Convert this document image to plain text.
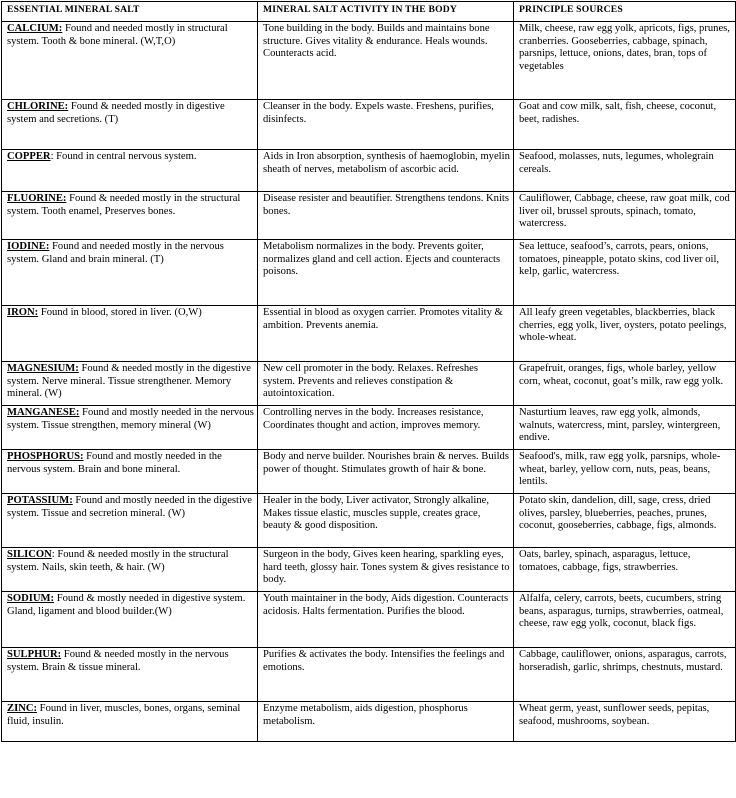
ESSENTIAL MINERAL SALT	MINERAL SALT ACTIVITY IN THE BODY	PRINCIPLE SOURCES
CALCIUM: Found and needed mostly in structural system. Tooth & bone mineral. (W,T,O)	Tone building in the body. Builds and maintains bone structure. Gives vitality & endurance. Heals wounds. Counteracts acid.	Milk, cheese, raw egg yolk, apricots, figs, prunes, cranberries. Gooseberries, cabbage, spinach, parsnips, lettuce, onions, dates, bran, tops of vegetables
CHLORINE: Found & needed mostly in digestive system and secretions. (T)	Cleanser in the body. Expels waste. Freshens, purifies, disinfects.	Goat and cow milk, salt, fish, cheese, coconut, beet, radishes.
COPPER: Found in central nervous system.	Aids in Iron absorption, synthesis of haemoglobin, myelin sheath of nerves, metabolism of ascorbic acid.	Seafood, molasses, nuts, legumes, wholegrain cereals.
FLUORINE: Found & needed mostly in the structural system. Tooth enamel, Preserves bones.	Disease resister and beautifier. Strengthens tendons. Knits bones.	Cauliflower, Cabbage, cheese, raw goat milk, cod liver oil, brussel sprouts, spinach, tomato, watercress.
IODINE: Found and needed mostly in the nervous system. Gland and brain mineral. (T)	Metabolism normalizes in the body. Prevents goiter, normalizes gland and cell action. Ejects and counteracts poisons.	Sea lettuce, seafood’s, carrots, pears, onions, tomatoes, pineapple, potato skins, cod liver oil, kelp, garlic, watercress.
IRON: Found in blood, stored in liver. (O,W)	Essential in blood as oxygen carrier. Promotes vitality & ambition. Prevents anemia.	All leafy green vegetables, blackberries, black cherries, egg yolk, liver, oysters, potato peelings, whole-wheat.
MAGNESIUM: Found & needed mostly in the digestive system. Nerve mineral. Tissue strengthener. Memory mineral. (W)	New cell promoter in the body. Relaxes. Refreshes system. Prevents and relieves constipation & autointoxication.	Grapefruit, oranges, figs, whole barley, yellow corn, wheat, coconut, goat’s milk, raw egg yolk.
MANGANESE: Found and mostly needed in the nervous system. Tissue strengthen, memory mineral (W)	Controlling nerves in the body. Increases resistance, Coordinates thought and action, improves memory.	Nasturtium leaves, raw egg yolk, almonds, walnuts, watercress, mint, parsley, wintergreen, endive.
PHOSPHORUS: Found and mostly needed in the nervous system. Brain and bone mineral.	Body and nerve builder. Nourishes brain & nerves. Builds power of thought. Stimulates growth of hair & bone.	Seafood's, milk, raw egg yolk, parsnips, whole-wheat, barley, yellow corn, nuts, peas, beans, lentils.
POTASSIUM: Found and mostly needed in the digestive system. Tissue and secretion mineral. (W)	Healer in the body, Liver activator, Strongly alkaline, Makes tissue elastic, muscles supple, creates grace, beauty & good disposition.	Potato skin, dandelion, dill, sage, cress, dried olives, parsley, blueberries, peaches, prunes, coconut, gooseberries, cabbage, figs, almonds.
SILICON: Found & needed mostly in the structural system. Nails, skin teeth, & hair. (W)	Surgeon in the body, Gives keen hearing, sparkling eyes, hard teeth, glossy hair. Tones system & gives resistance to body.	Oats, barley, spinach, asparagus, lettuce, tomatoes, cabbage, figs, strawberries.
SODIUM: Found & mostly needed in digestive system. Gland, ligament and blood builder.(W)	Youth maintainer in the body, Aids digestion. Counteracts acidosis. Halts fermentation. Purifies the blood.	Alfalfa, celery, carrots, beets, cucumbers, string beans, asparagus, turnips, strawberries, oatmeal, cheese, raw egg yolk, coconut, black figs.
SULPHUR: Found & needed mostly in the nervous system. Brain & tissue mineral.	Purifies & activates the body. Intensifies the feelings and emotions.	Cabbage, cauliflower, onions, asparagus, carrots, horseradish, garlic, shrimps, chestnuts, mustard.
ZINC: Found in liver, muscles, bones, organs, seminal fluid, insulin.	Enzyme metabolism, aids digestion, phosphorus metabolism.	Wheat germ, yeast, sunflower seeds, pepitas, seafood, mushrooms, soybean.
